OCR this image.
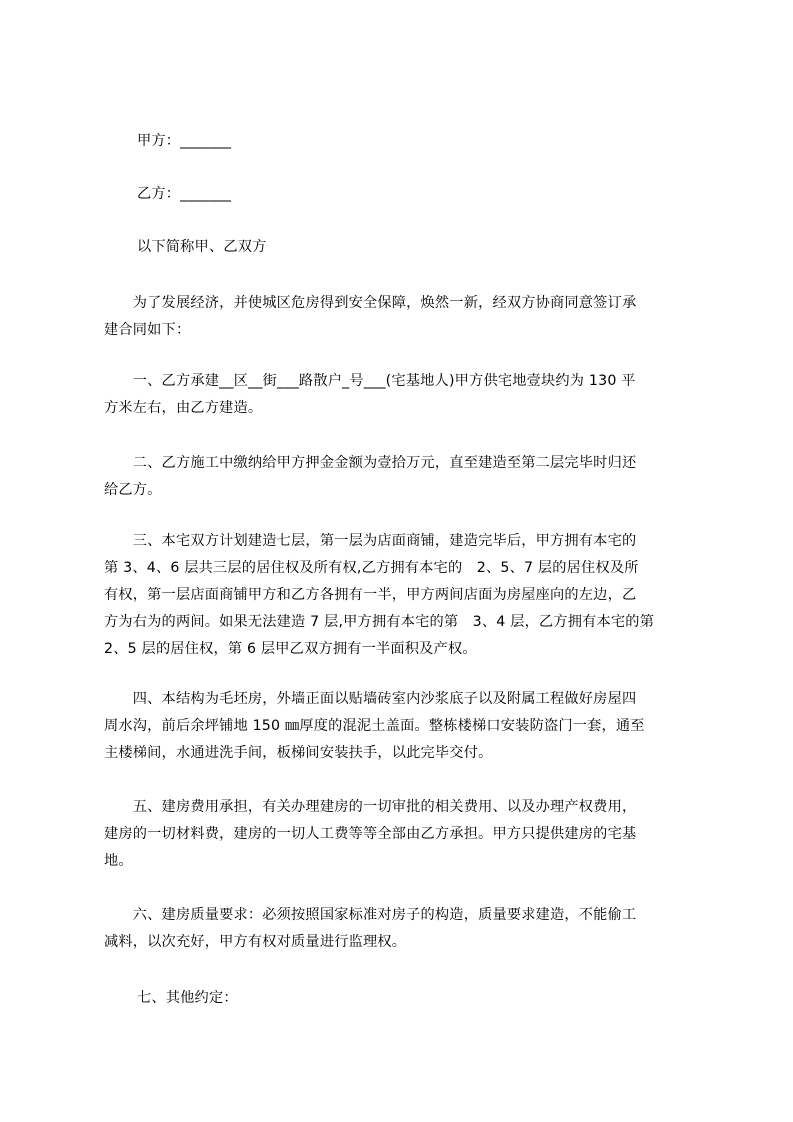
甲方：_______

乙方：_______

以下简称甲、乙双方

　　为了发展经济，并使城区危房得到安全保障，焕然一新，经双方协商同意签订承
建合同如下：

　　一、乙方承建__区__街___路散户_号___(宅基地人)甲方供宅地壹块约为 130 平
方米左右，由乙方建造。

　　二、乙方施工中缴纳给甲方押金金额为壹拾万元，直至建造至第二层完毕时归还
给乙方。

　　三、本宅双方计划建造七层，第一层为店面商铺，建造完毕后，甲方拥有本宅的
第 3、4、6 层共三层的居住权及所有权,乙方拥有本宅的　2、5、7 层的居住权及所
有权，第一层店面商铺甲方和乙方各拥有一半，甲方两间店面为房屋座向的左边，乙
方为右为的两间。如果无法建造 7 层,甲方拥有本宅的第　3、4 层，乙方拥有本宅的第
2、5 层的居住权，第 6 层甲乙双方拥有一半面积及产权。

　　四、本结构为毛坯房，外墙正面以贴墙砖室内沙浆底子以及附属工程做好房屋四
周水沟，前后余坪铺地 150 ㎜厚度的混泥土盖面。整栋楼梯口安装防盗门一套，通至
主楼梯间，水通进洗手间，板梯间安装扶手，以此完毕交付。

　　五、建房费用承担，有关办理建房的一切审批的相关费用、以及办理产权费用，
建房的一切材料费，建房的一切人工费等等全部由乙方承担。甲方只提供建房的宅基
地。

　　六、建房质量要求：必须按照国家标准对房子的构造，质量要求建造，不能偷工
减料，以次充好，甲方有权对质量进行监理权。

七、其他约定：
